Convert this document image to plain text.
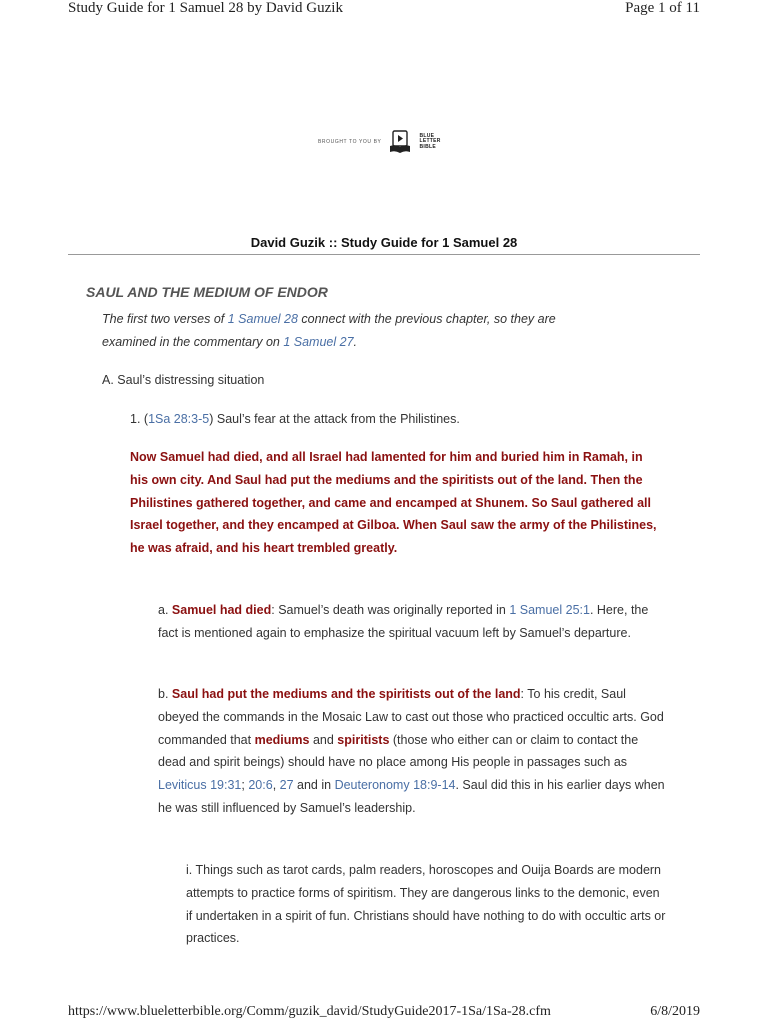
Study Guide for 1 Samuel 28 by David Guzik	Page 1 of 11
BROUGHT TO YOU BY
BLUE
LETTER
BIBLE
David Guzik :: Study Guide for 1 Samuel 28
SAUL AND THE MEDIUM OF ENDOR

The first two verses of 1 Samuel 28 connect with the previous chapter, so they are examined in the commentary on 1 Samuel 27.

A. Saul’s distressing situation

1. (1Sa 28:3-5) Saul’s fear at the attack from the Philistines.

Now Samuel had died, and all Israel had lamented for him and buried him in Ramah, in his own city. And Saul had put the mediums and the spiritists out of the land. Then the Philistines gathered together, and came and encamped at Shunem. So Saul gathered all Israel together, and they encamped at Gilboa. When Saul saw the army of the Philistines, he was afraid, and his heart trembled greatly.

a. Samuel had died: Samuel’s death was originally reported in 1 Samuel 25:1. Here, the fact is mentioned again to emphasize the spiritual vacuum left by Samuel’s departure.

b. Saul had put the mediums and the spiritists out of the land: To his credit, Saul obeyed the commands in the Mosaic Law to cast out those who practiced occultic arts. God commanded that mediums and spiritists (those who either can or claim to contact the dead and spirit beings) should have no place among His people in passages such as Leviticus 19:31; 20:6, 27 and in Deuteronomy 18:9-14. Saul did this in his earlier days when he was still influenced by Samuel’s leadership.

i. Things such as tarot cards, palm readers, horoscopes and Ouija Boards are modern attempts to practice forms of spiritism. They are dangerous links to the demonic, even if undertaken in a spirit of fun. Christians should have nothing to do with occultic arts or practices.

https://www.blueletterbible.org/Comm/guzik_david/StudyGuide2017-1Sa/1Sa-28.cfm	6/8/2019
